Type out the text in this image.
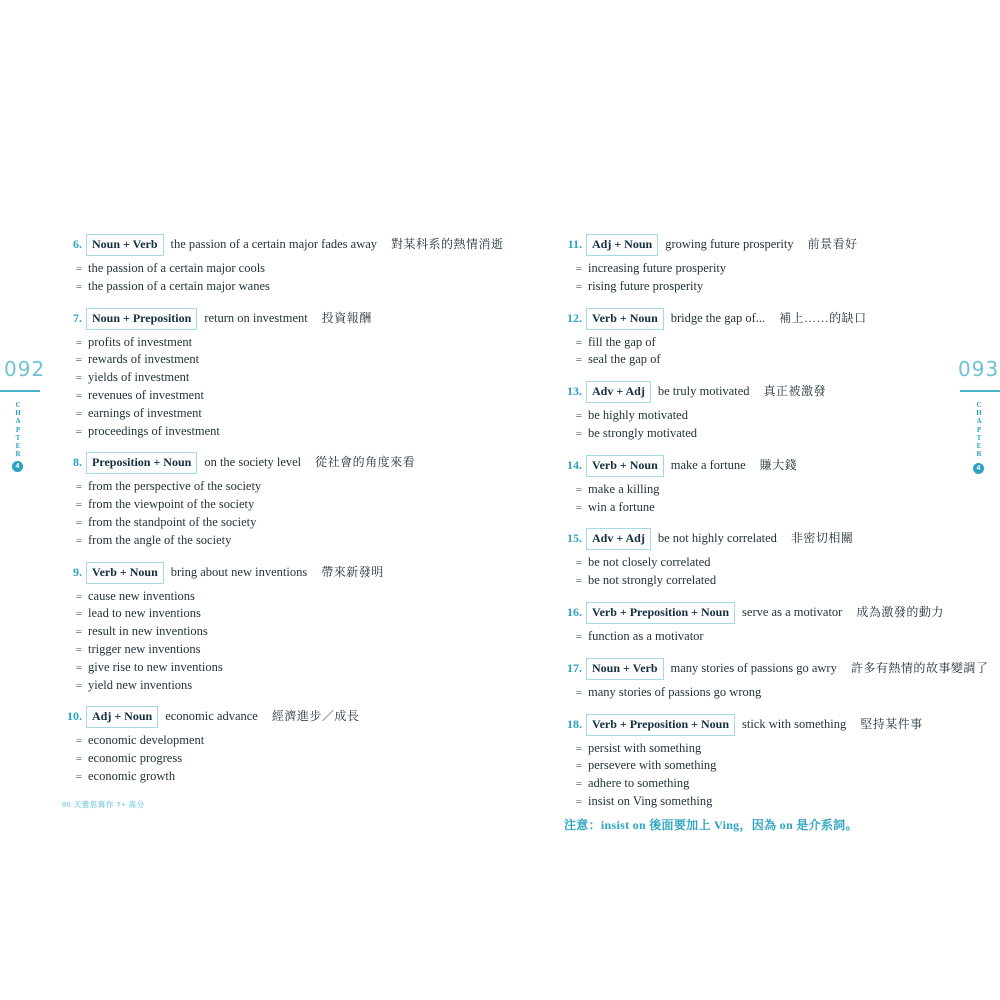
092
C
H
A
P
T
E
R
4
093
C
H
A
P
T
E
R
4
6. Noun + Verb the passion of a certain major fades away 對某科系的熱情消逝
= the passion of a certain major cools
= the passion of a certain major wanes
7. Noun + Preposition return on investment 投資報酬
= profits of investment
= rewards of investment
= yields of investment
= revenues of investment
= earnings of investment
= proceedings of investment
8. Preposition + Noun on the society level 從社會的角度來看
= from the perspective of the society
= from the viewpoint of the society
= from the standpoint of the society
= from the angle of the society
9. Verb + Noun bring about new inventions 帶來新發明
= cause new inventions
= lead to new inventions
= result in new inventions
= trigger new inventions
= give rise to new inventions
= yield new inventions
10. Adj + Noun economic advance 經濟進步／成長
= economic development
= economic progress
= economic growth
11. Adj + Noun growing future prosperity 前景看好
= increasing future prosperity
= rising future prosperity
12. Verb + Noun bridge the gap of... 補上……的缺口
= fill the gap of
= seal the gap of
13. Adv + Adj be truly motivated 真正被激發
= be highly motivated
= be strongly motivated
14. Verb + Noun make a fortune 賺大錢
= make a killing
= win a fortune
15. Adv + Adj be not highly correlated 非密切相關
= be not closely correlated
= be not strongly correlated
16. Verb + Preposition + Noun serve as a motivator 成為激發的動力
= function as a motivator
17. Noun + Verb many stories of passions go awry 許多有熱情的故事變調了
= many stories of passions go wrong
18. Verb + Preposition + Noun stick with something 堅持某件事
= persist with something
= persevere with something
= adhere to something
= insist on Ving something
注意：insist on 後面要加上 Ving，因為 on 是介系詞。
90 天雅思寫作 7+ 高分
